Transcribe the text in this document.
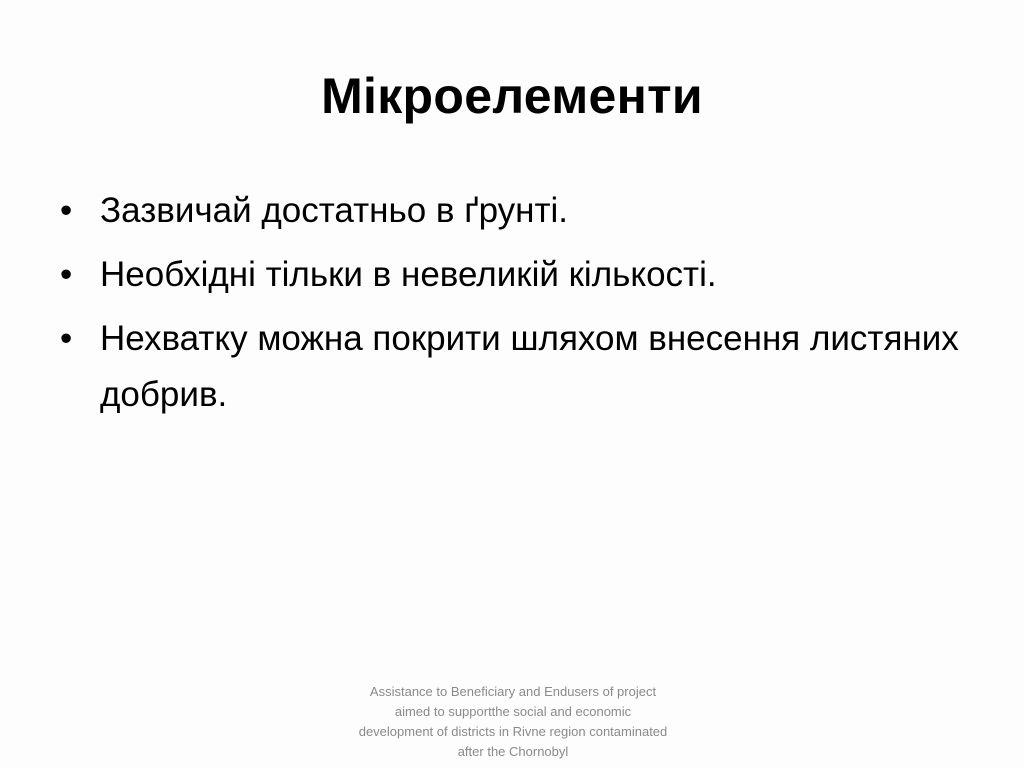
Мікроелементи
• Зазвичай достатньо в ґрунті.
• Необхідні тільки в невеликій кількості.
• Нехватку можна покрити шляхом внесення листяних добрив.
Assistance to Beneficiary and Endusers of project aimed to supportthe social and economic development of districts in Rivne region contaminated after the Chornobyl
